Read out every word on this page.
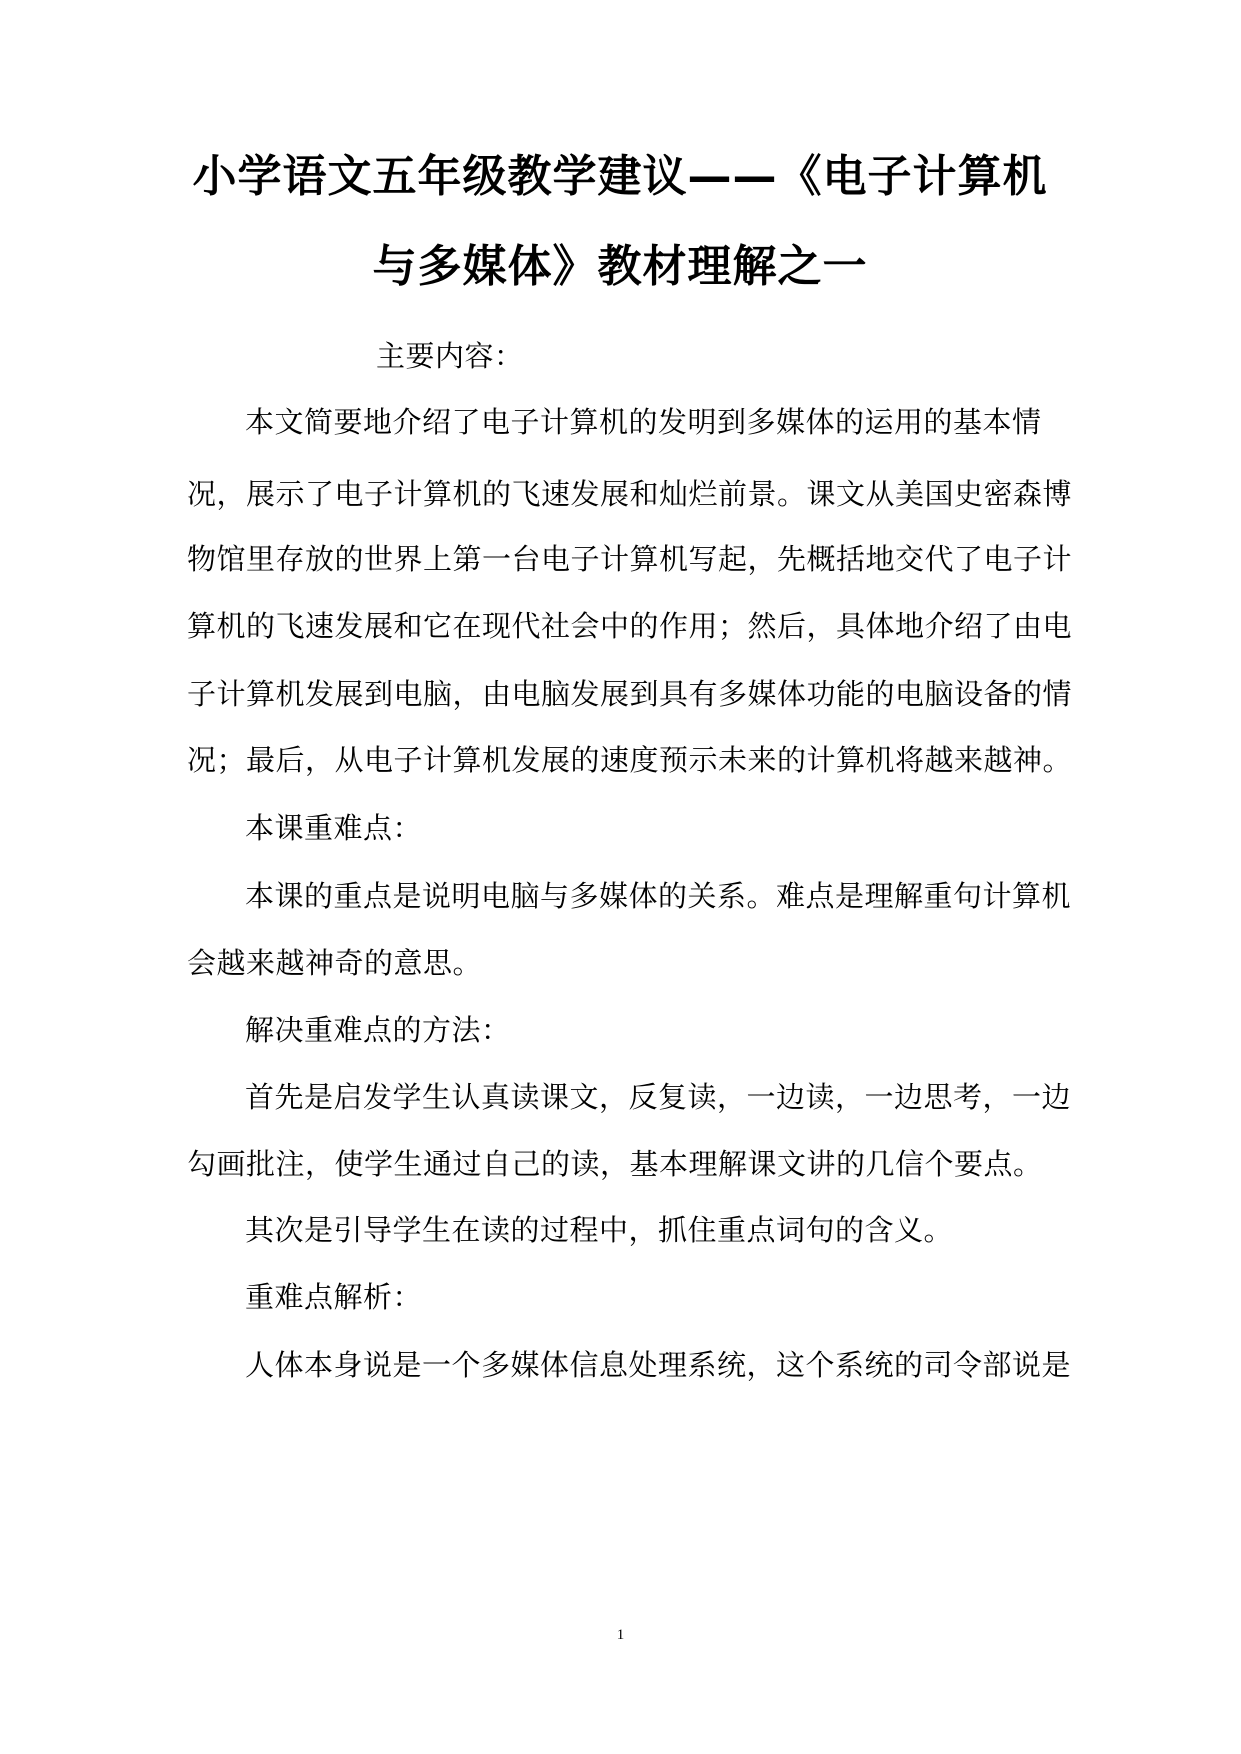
小学语文五年级教学建议——《电子计算机
与多媒体》教材理解之一
主要内容：
本文简要地介绍了电子计算机的发明到多媒体的运用的基本情
况，展示了电子计算机的飞速发展和灿烂前景。课文从美国史密森博
物馆里存放的世界上第一台电子计算机写起，先概括地交代了电子计
算机的飞速发展和它在现代社会中的作用；然后，具体地介绍了由电
子计算机发展到电脑，由电脑发展到具有多媒体功能的电脑设备的情
况；最后，从电子计算机发展的速度预示未来的计算机将越来越神。
本课重难点：
本课的重点是说明电脑与多媒体的关系。难点是理解重句计算机
会越来越神奇的意思。
解决重难点的方法：
首先是启发学生认真读课文，反复读，一边读，一边思考，一边
勾画批注，使学生通过自己的读，基本理解课文讲的几信个要点。
其次是引导学生在读的过程中，抓住重点词句的含义。
重难点解析：
人体本身说是一个多媒体信息处理系统，这个系统的司令部说是
1
